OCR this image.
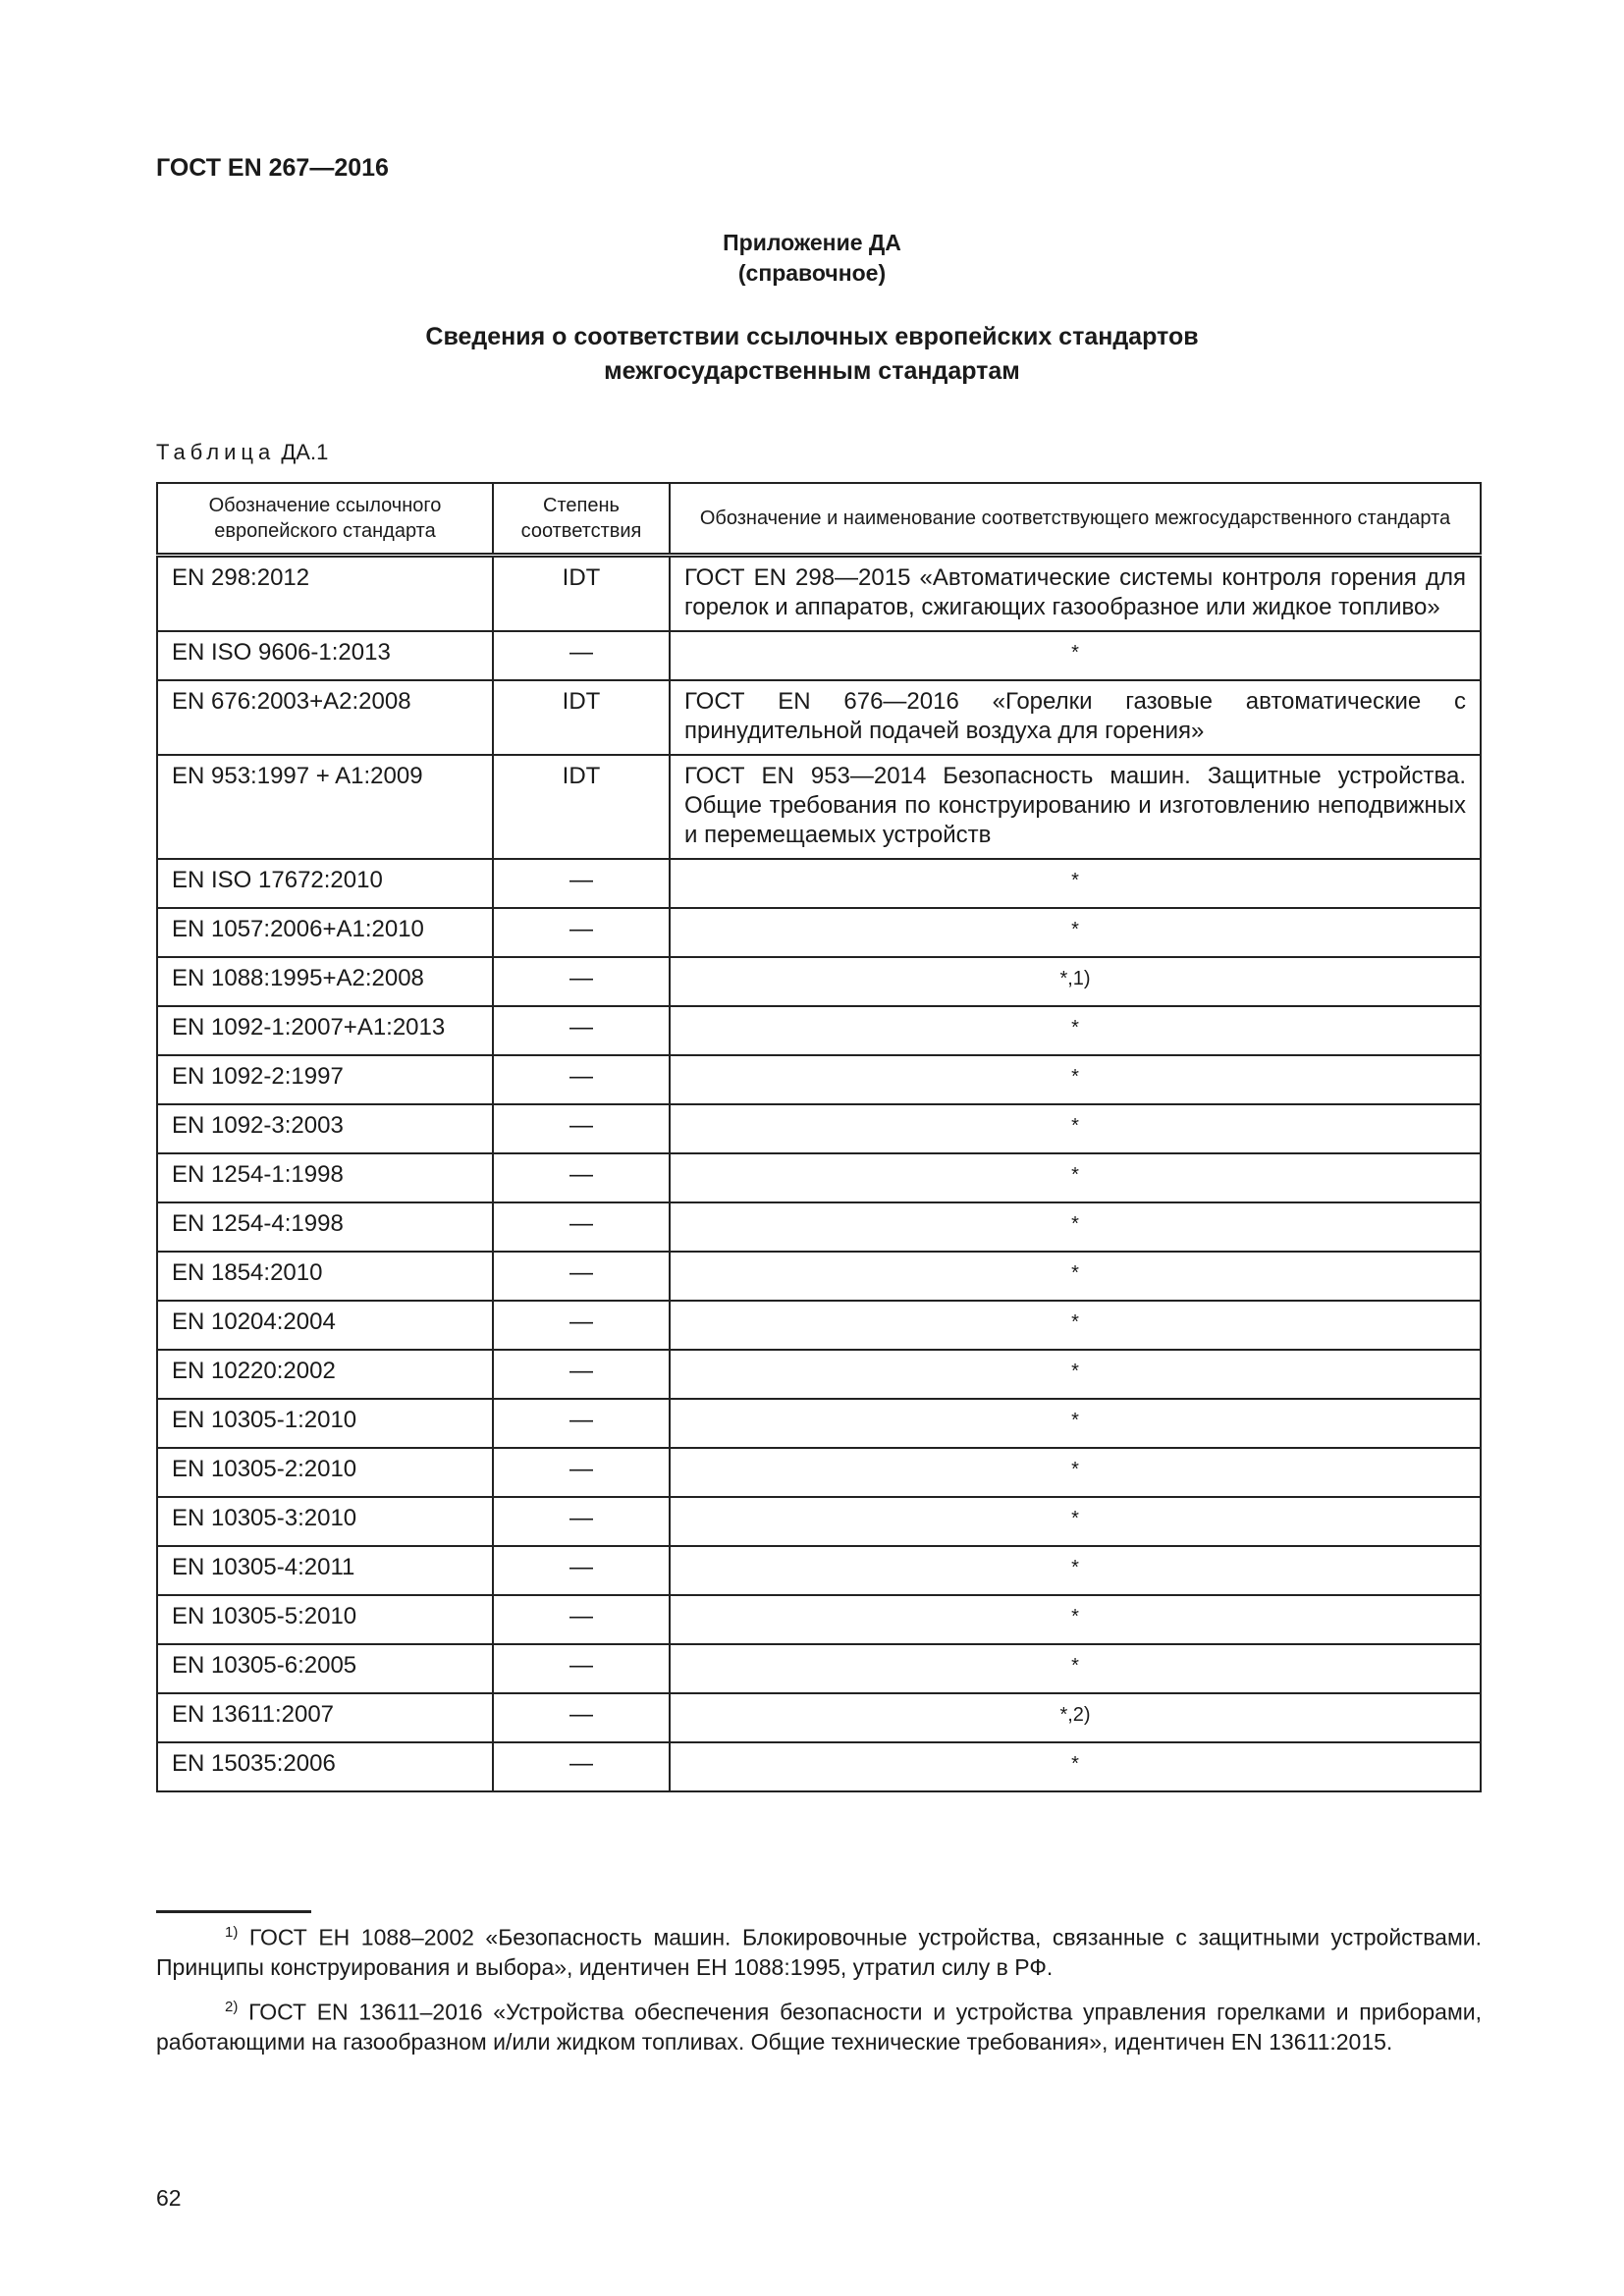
ГОСТ EN 267—2016
Приложение ДА
(справочное)
Сведения о соответствии ссылочных европейских стандартов
межгосударственным стандартам
Таблица ДА.1
Обозначение ссылочного европейского стандарта	Степень соответствия	Обозначение и наименование соответствующего межгосударственного стандарта
EN 298:2012	IDT	ГОСТ EN 298—2015 «Автоматические системы контроля горения для горелок и аппаратов, сжигающих газообразное или жидкое топливо»
EN ISO 9606-1:2013	—	*
EN 676:2003+A2:2008	IDT	ГОСТ EN 676—2016 «Горелки газовые автоматические с принудительной подачей воздуха для горения»
EN 953:1997 + A1:2009	IDT	ГОСТ EN 953—2014 Безопасность машин. Защитные устройства. Общие требования по конструированию и изготовлению неподвижных и перемещаемых устройств
EN ISO 17672:2010	—	*
EN 1057:2006+A1:2010	—	*
EN 1088:1995+A2:2008	—	*,1)
EN 1092-1:2007+A1:2013	—	*
EN 1092-2:1997	—	*
EN 1092-3:2003	—	*
EN 1254-1:1998	—	*
EN 1254-4:1998	—	*
EN 1854:2010	—	*
EN 10204:2004	—	*
EN 10220:2002	—	*
EN 10305-1:2010	—	*
EN 10305-2:2010	—	*
EN 10305-3:2010	—	*
EN 10305-4:2011	—	*
EN 10305-5:2010	—	*
EN 10305-6:2005	—	*
EN 13611:2007	—	*,2)
EN 15035:2006	—	*
$^{1)}$ ГОСТ ЕН 1088–2002 «Безопасность машин. Блокировочные устройства, связанные с защитными устройствами. Принципы конструирования и выбора», идентичен ЕН 1088:1995, утратил силу в РФ.
$^{2)}$ ГОСТ EN 13611–2016 «Устройства обеспечения безопасности и устройства управления горелками и приборами, работающими на газообразном и/или жидком топливах. Общие технические требования», идентичен EN 13611:2015.
62
